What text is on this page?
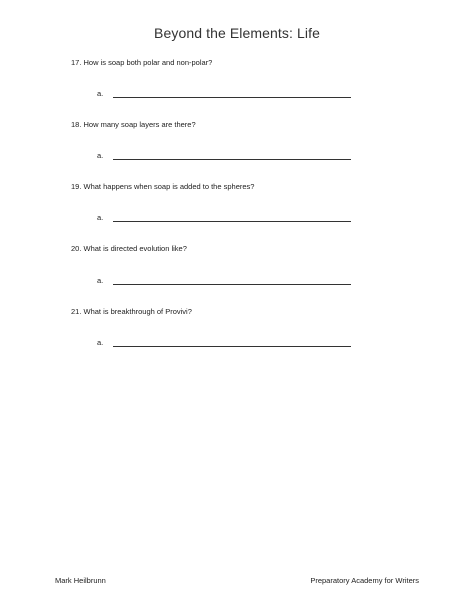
Beyond the Elements: Life
17. How is soap both polar and non-polar?
a.
18. How many soap layers are there?
a.
19. What happens when soap is added to the spheres?
a.
20. What is directed evolution like?
a.
21. What is breakthrough of Provivi?
a.
Mark Heilbrunn	Preparatory Academy for Writers
